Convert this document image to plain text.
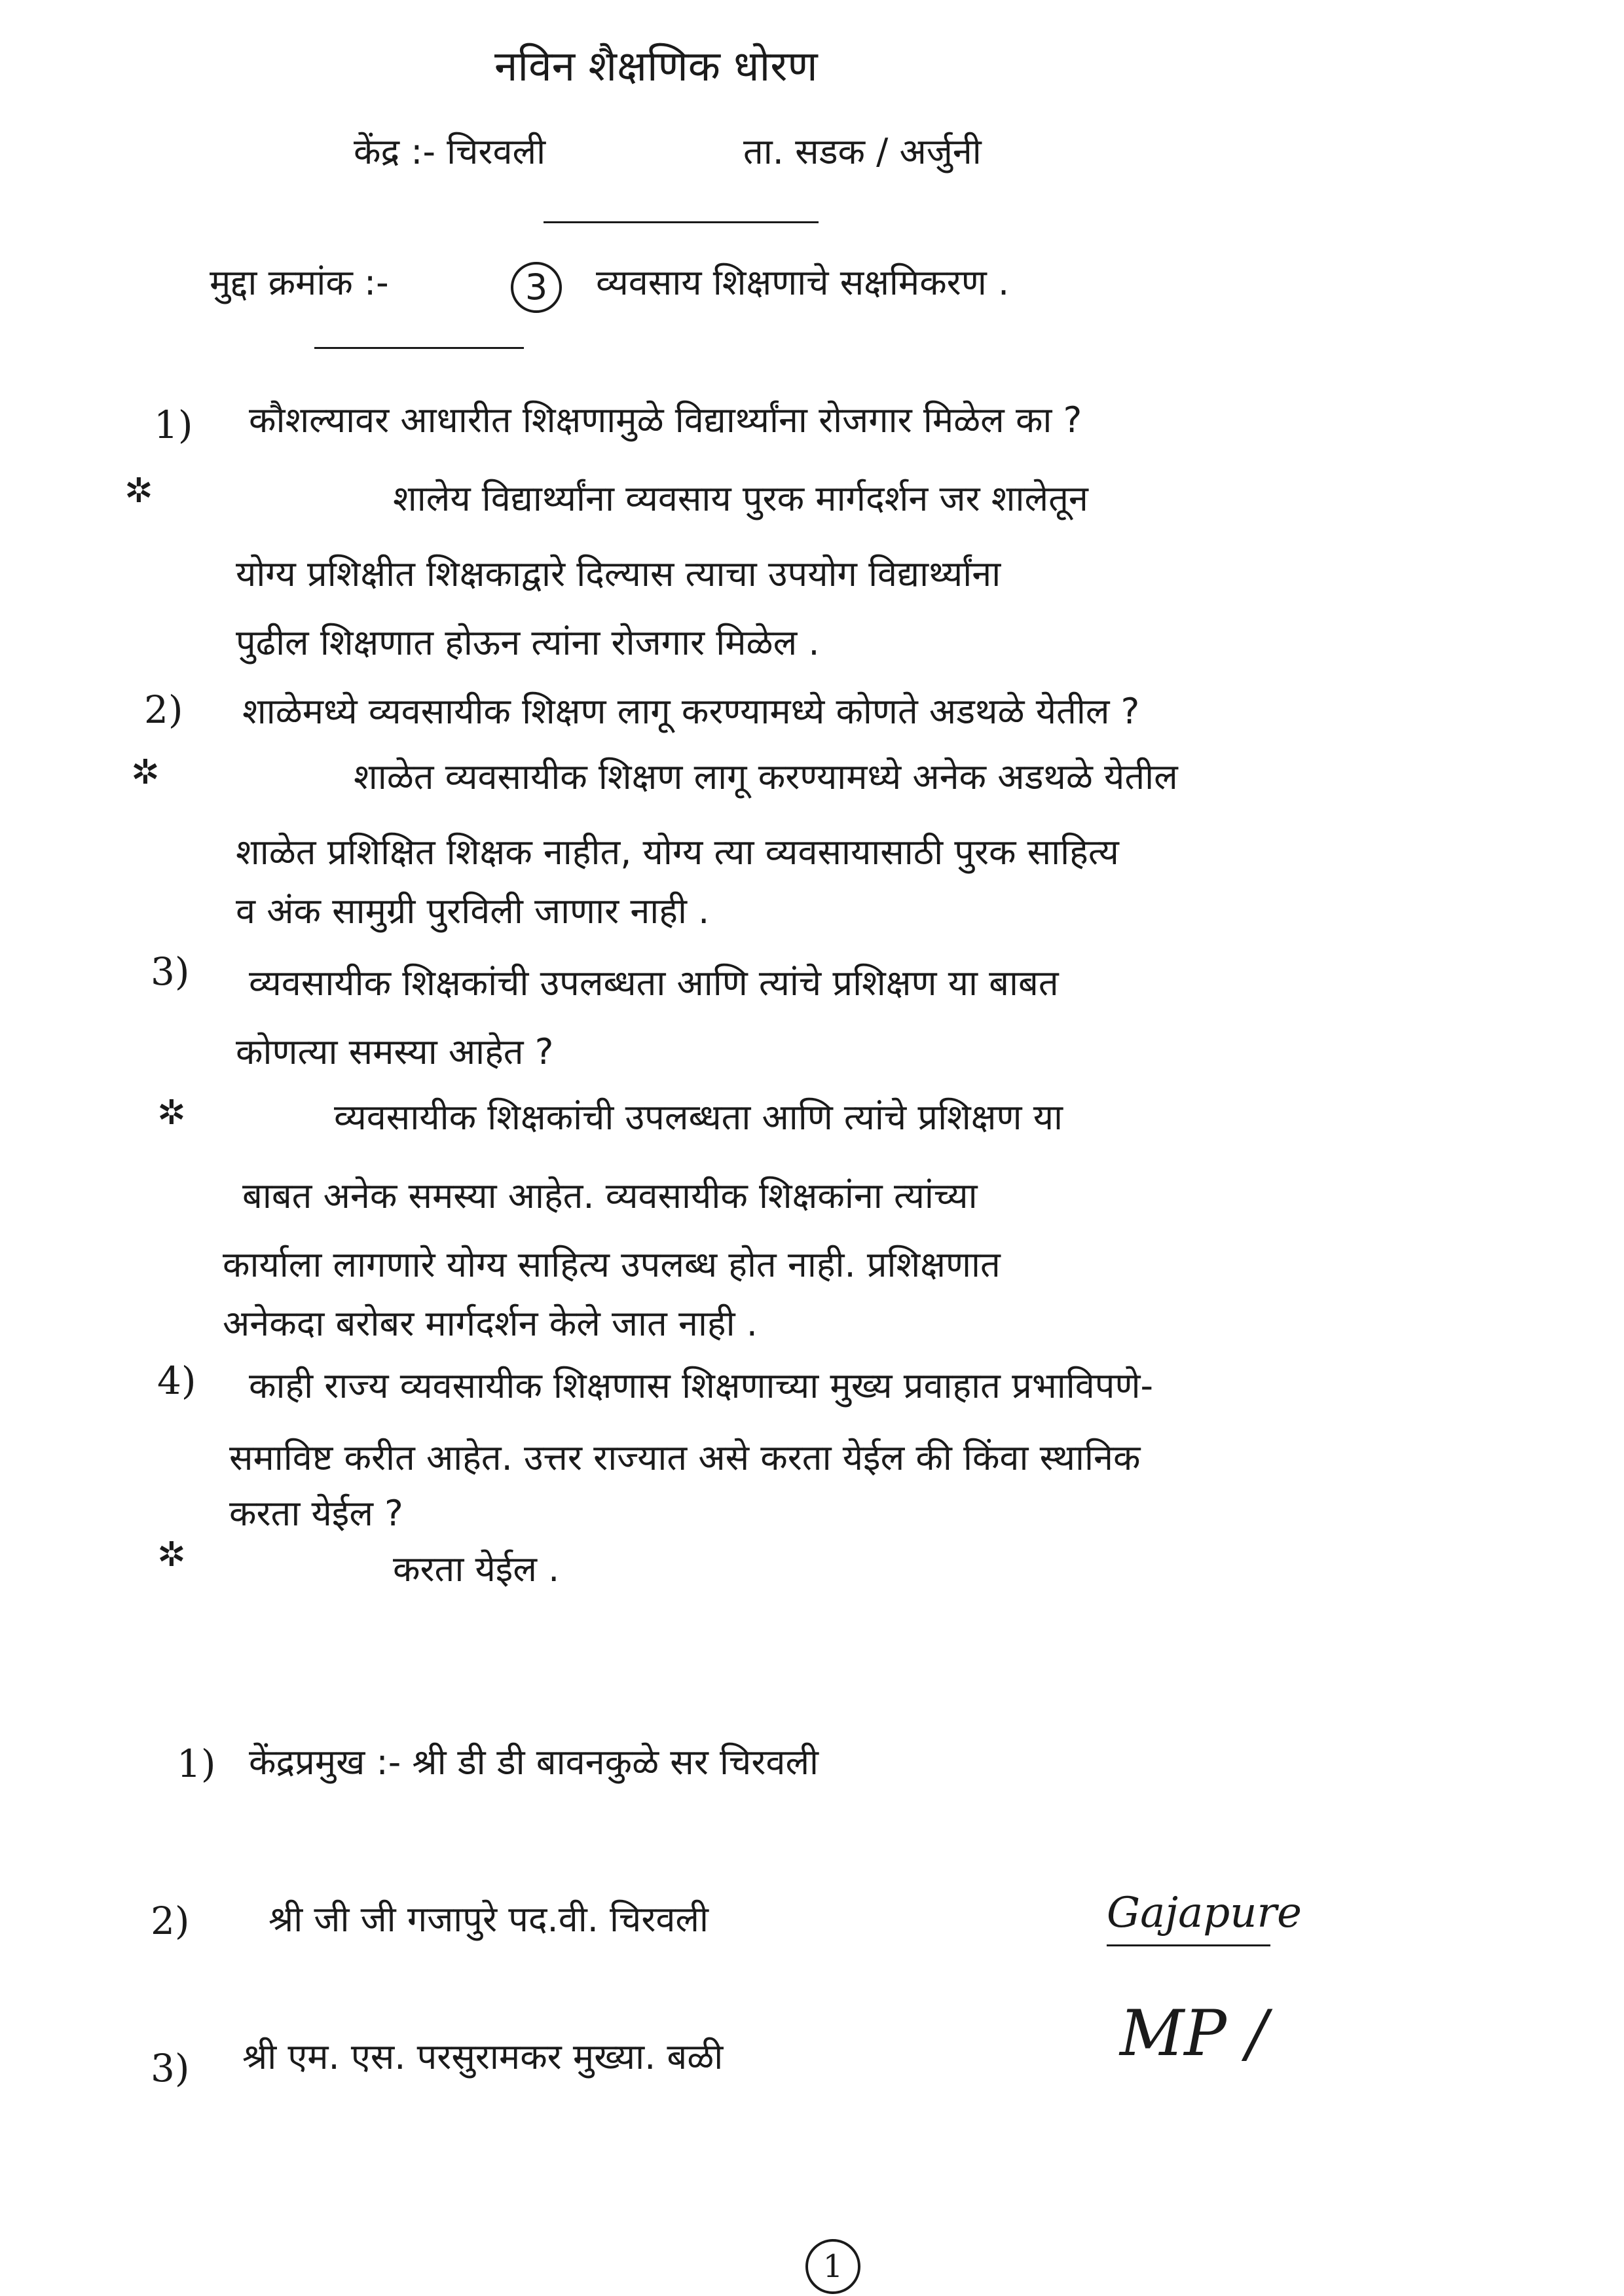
नविन शैक्षणिक धोरण
केंद्र :- चिरवली	ता. सडक / अर्जुनी
मुद्दा क्रमांक :-	3	व्यवसाय शिक्षणाचे सक्षमिकरण .
1) कौशल्यावर आधारीत शिक्षणामुळे विद्यार्थ्यांना रोजगार मिळेल का ?
✲	शालेय विद्यार्थ्यांना व्यवसाय पुरक मार्गदर्शन जर शालेतून
योग्य प्रशिक्षीत शिक्षकाद्वारे दिल्यास त्याचा उपयोग विद्यार्थ्यांना
पुढील शिक्षणात होऊन त्यांना रोजगार मिळेल .
2) शाळेमध्ये व्यवसायीक शिक्षण लागू करण्यामध्ये कोणते अडथळे येतील ?
✲	शाळेत व्यवसायीक शिक्षण लागू करण्यामध्ये अनेक अडथळे येतील
शाळेत प्रशिक्षित शिक्षक नाहीत, योग्य त्या व्यवसायासाठी पुरक साहित्य
व अंक सामुग्री पुरविली जाणार नाही .
3) व्यवसायीक शिक्षकांची उपलब्धता आणि त्यांचे प्रशिक्षण या बाबत
कोणत्या समस्या आहेत ?
✲	व्यवसायीक शिक्षकांची उपलब्धता आणि त्यांचे प्रशिक्षण या
बाबत अनेक समस्या आहेत. व्यवसायीक शिक्षकांना त्यांच्या
कार्याला लागणारे योग्य साहित्य उपलब्ध होत नाही. प्रशिक्षणात
अनेकदा बरोबर मार्गदर्शन केले जात नाही .
4) काही राज्य व्यवसायीक शिक्षणास शिक्षणाच्या मुख्य प्रवाहात प्रभाविपणे-
समाविष्ट करीत आहेत. उत्तर राज्यात असे करता येईल की किंवा स्थानिक
करता येईल ?
✲	करता येईल .
1) केंद्रप्रमुख :- श्री डी डी बावनकुळे सर चिरवली
2) श्री जी जी गजापुरे पद.वी. चिरवली	Gajapure
3) श्री एम. एस. परसुरामकर मुख्या. बळी	MP /
1
